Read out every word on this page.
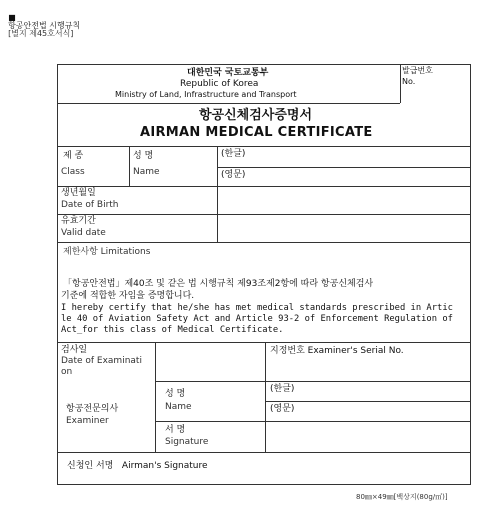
■
항공안전법 시행규칙
[별지 제45호서식]

대한민국 국토교통부
Republic of Korea
Ministry of Land, Infrastructure and Transport
발급번호
No.
항공신체검사증명서
AIRMAN MEDICAL CERTIFICATE
제 종
Class
성 명
Name
(한글)
(영문)
생년월일
Date of Birth
유효기간
Valid date
제한사항 Limitations
「항공안전법」제40조 및 같은 법 시행규칙 제93조제2항에 따라 항공신체검사
기준에 적합한 자임을 증명합니다.
I hereby certify that he/she has met medical standards prescribed in Artic
le 40 of Aviation Safety Act and Article 93-2 of Enforcement Regulation of
Act_for this class of Medical Certificate.
검사일
Date of Examinati
on
지정번호 Examiner's Serial No.
항공전문의사
Examiner
성 명
Name
(한글)
(영문)
서 명
Signature
신청인 서명   Airman's Signature
80㎜×49㎜[백상지(80g/㎡)]
